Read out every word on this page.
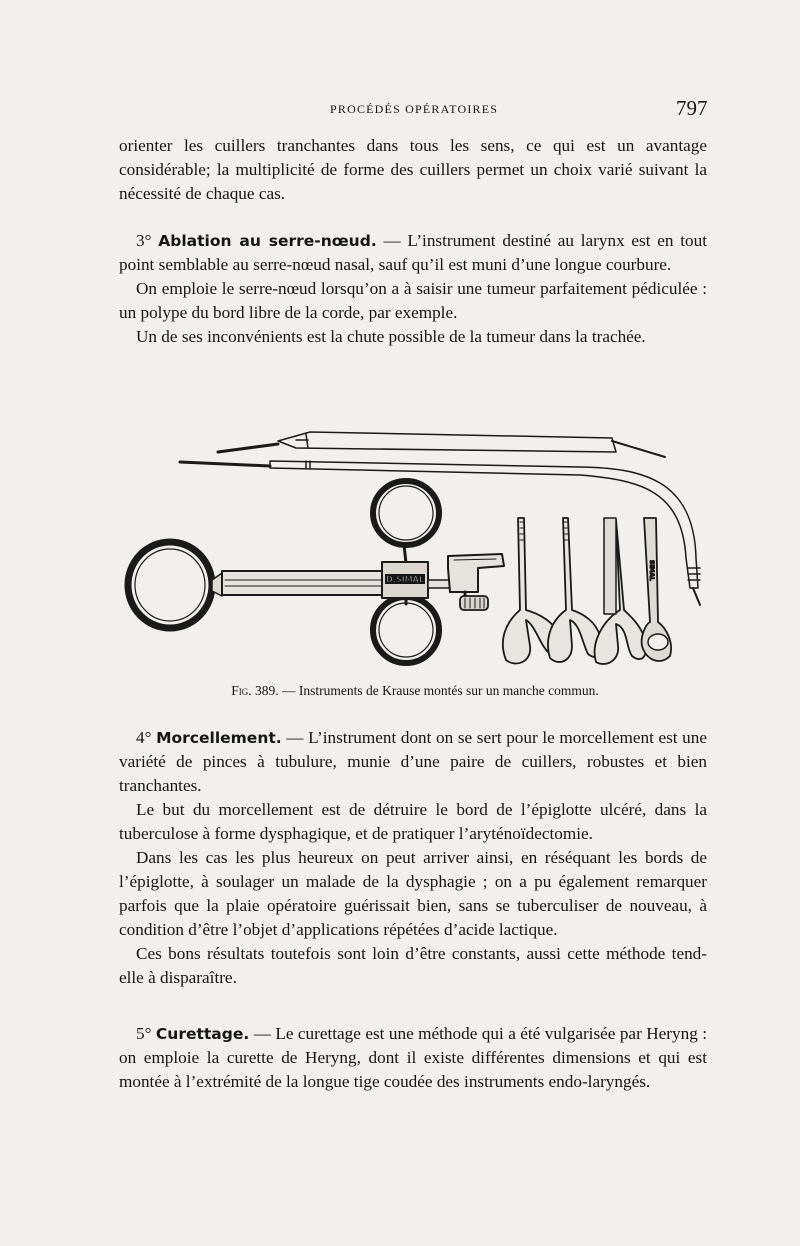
PROCÉDÉS OPÉRATOIRES	797

orienter les cuillers tranchantes dans tous les sens, ce qui est un avantage considérable; la multiplicité de forme des cuillers permet un choix varié suivant la nécessité de chaque cas.

3° Ablation au serre-nœud. — L’instrument destiné au larynx est en tout point semblable au serre-nœud nasal, sauf qu’il est muni d’une longue courbure.

On emploie le serre-nœud lorsqu’on a à saisir une tumeur parfaitement pédiculée : un polype du bord libre de la corde, par exemple.

Un de ses inconvénients est la chute possible de la tumeur dans la trachée.

D.SIMAL	SIMAL
Fig. 389. — Instruments de Krause montés sur un manche commun.

4° Morcellement. — L’instrument dont on se sert pour le morcellement est une variété de pinces à tubulure, munie d’une paire de cuillers, robustes et bien tranchantes.

Le but du morcellement est de détruire le bord de l’épiglotte ulcéré, dans la tuberculose à forme dysphagique, et de pratiquer l’aryténoïdectomie.

Dans les cas les plus heureux on peut arriver ainsi, en réséquant les bords de l’épiglotte, à soulager un malade de la dysphagie ; on a pu également remarquer parfois que la plaie opératoire guérissait bien, sans se tuberculiser de nouveau, à condition d’être l’objet d’applications répétées d’acide lactique.

Ces bons résultats toutefois sont loin d’être constants, aussi cette méthode tend-elle à disparaître.

5° Curettage. — Le curettage est une méthode qui a été vulgarisée par Heryng : on emploie la curette de Heryng, dont il existe différentes dimensions et qui est montée à l’extrémité de la longue tige coudée des instruments endo-laryngés.
